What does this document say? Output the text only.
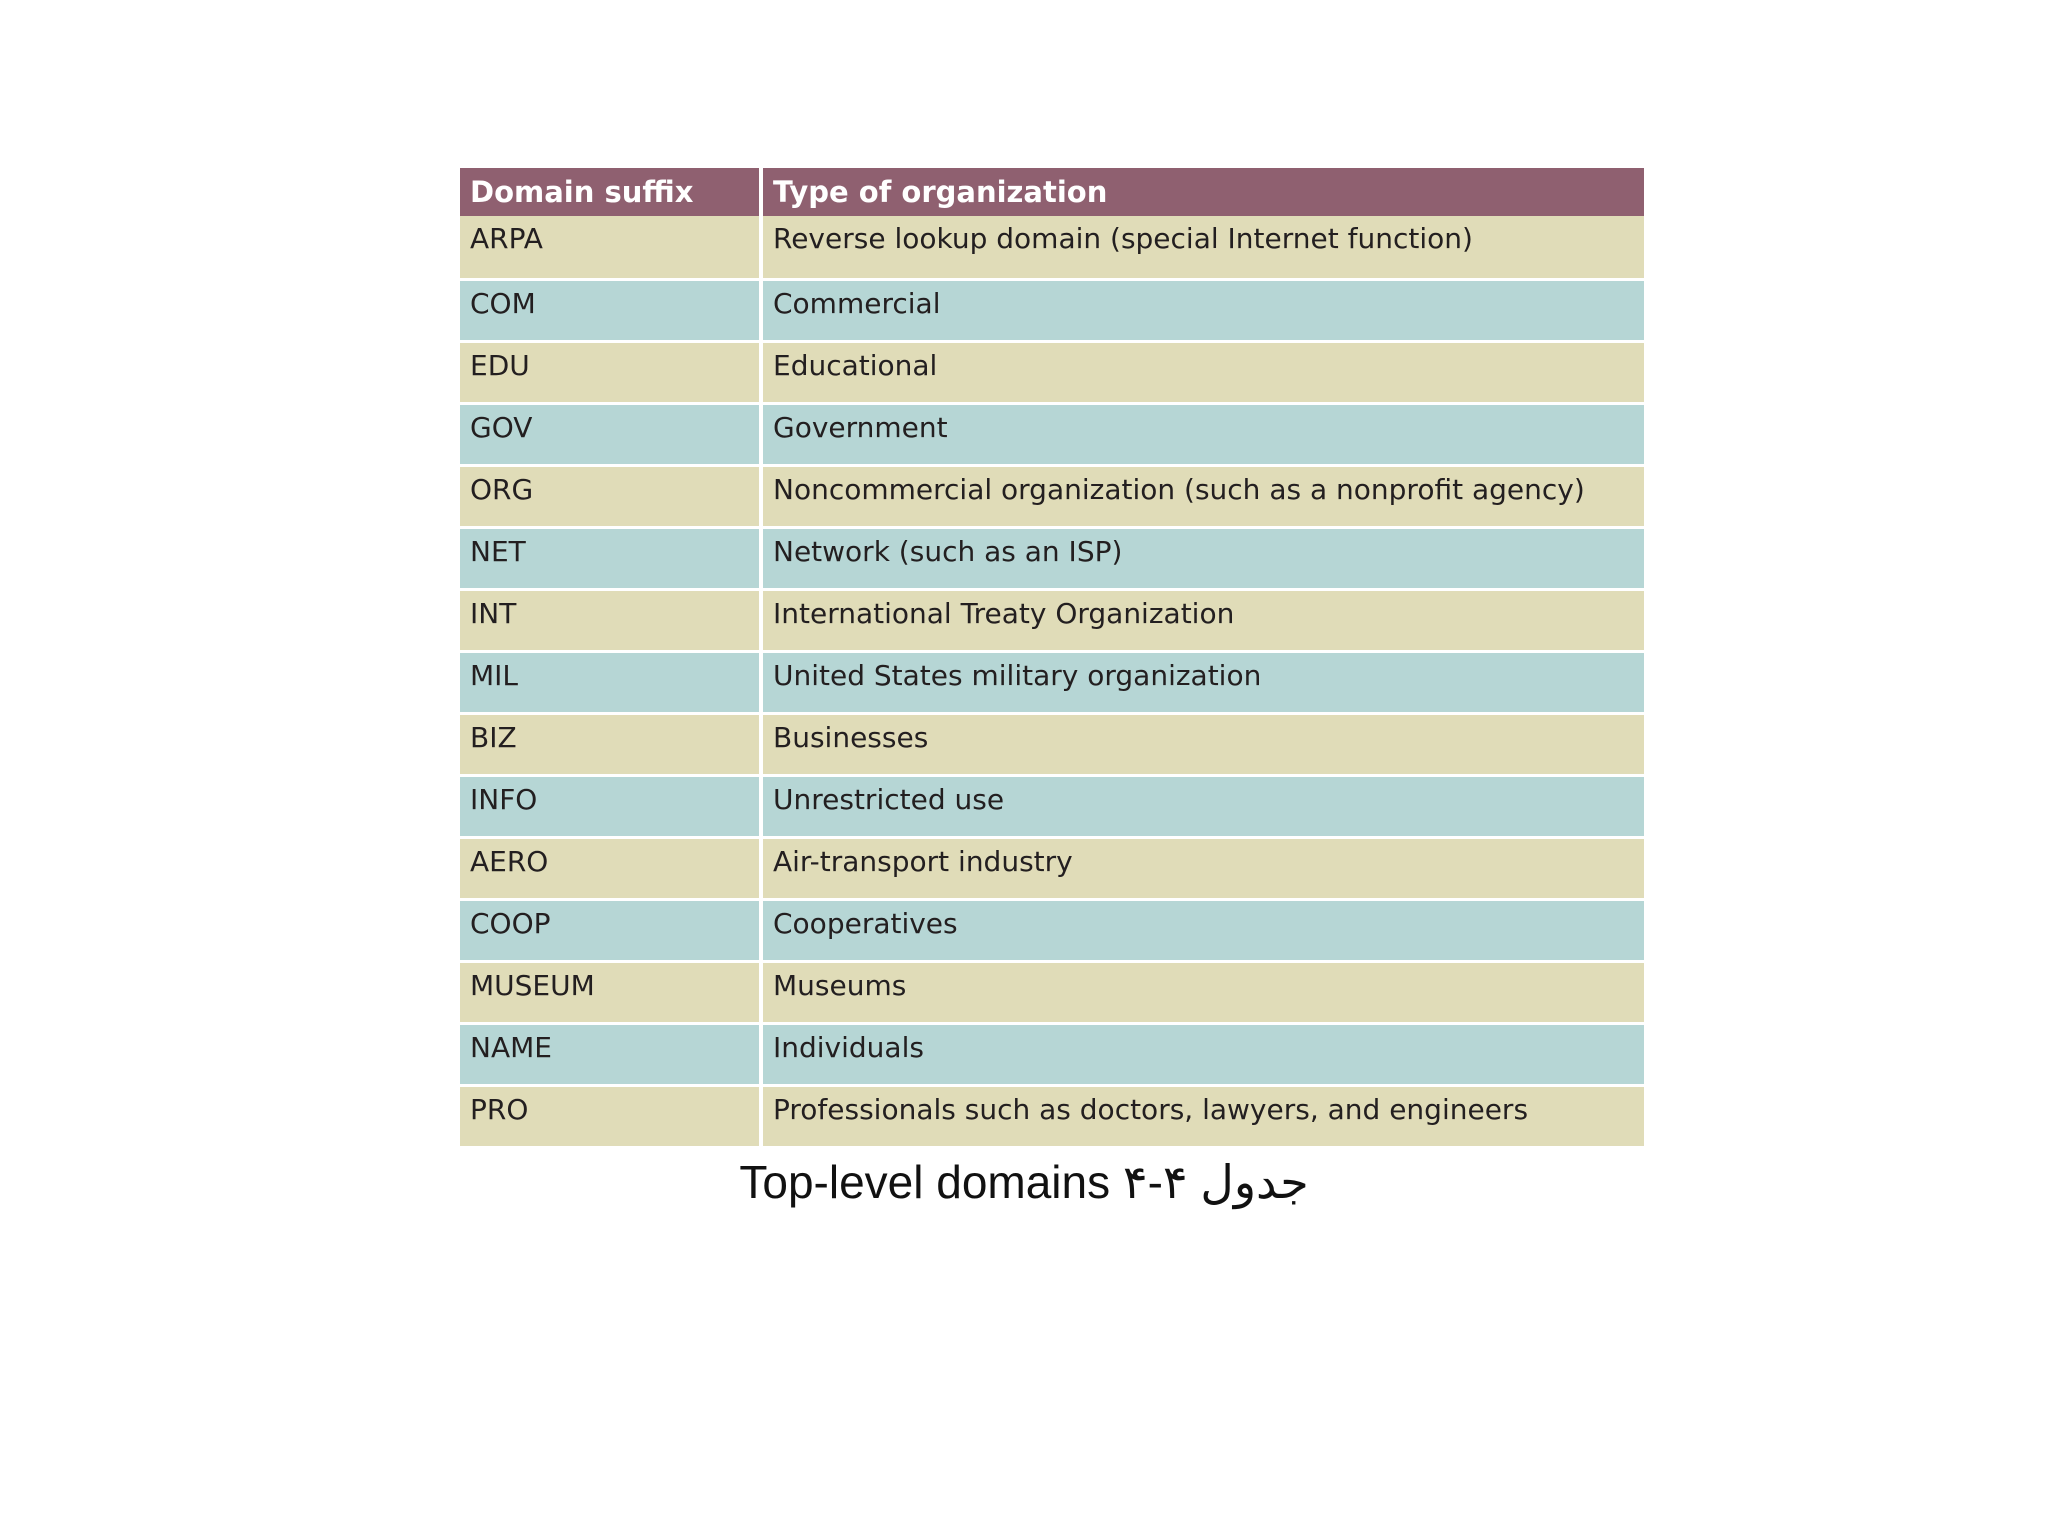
Domain suffix	Type of organization
ARPA	Reverse lookup domain (special Internet function)
COM	Commercial
EDU	Educational
GOV	Government
ORG	Noncommercial organization (such as a nonprofit agency)
NET	Network (such as an ISP)
INT	International Treaty Organization
MIL	United States military organization
BIZ	Businesses
INFO	Unrestricted use
AERO	Air-transport industry
COOP	Cooperatives
MUSEUM	Museums
NAME	Individuals
PRO	Professionals such as doctors, lawyers, and engineers
Top-level domains ۴-۴ جدول
